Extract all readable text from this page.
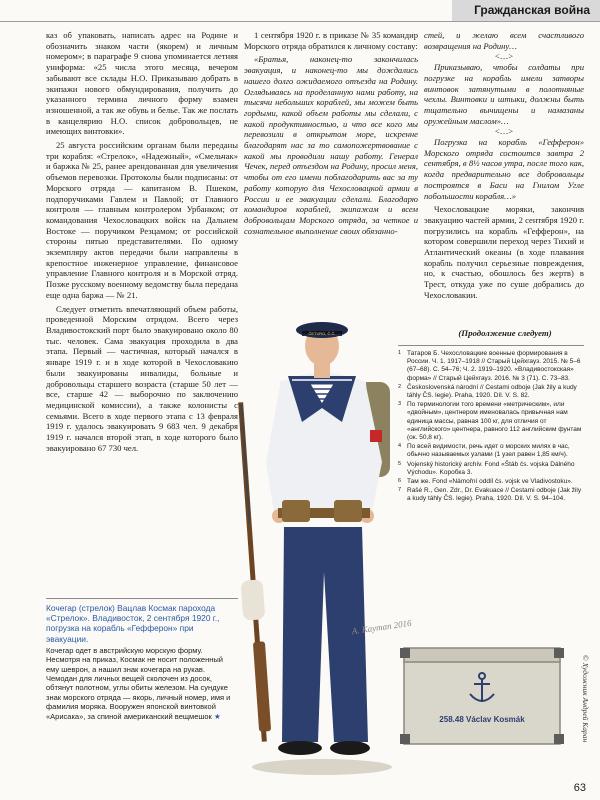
Гражданская война

каз об упаковать, написать адрес на Родине и обозначить знаком части (якорем) и личным номером»; в параграфе 9 снова упоминается летняя униформа: «25 числа этого месяца, вечером забывают все склады Н.О. Приказываю добрать в экипажи нового обмундирования, получить до указанного термина личного форму взамен изношенной, а так же обувь и белье. Так же послать в канцелярию Н.О. список добровольцев, не имеющих винтовки».

25 августа российским органам были переданы три корабля: «Стрелок», «Надежный», «Смельчак» и баржка № 25, ранее арендованная для увеличения объемов перевозки. Протоколы были подписаны: от Морского отряда — капитаном В. Пшеком, подпоручиками Гавлем и Павлой; от Главного контроля — главным контролером Урбанком; от командования Чехословацких войск на Дальнем Востоке — поручиком Резцамом; от российской стороны пятью представителями. По одному экземпляру актов передачи были направлены в крепостное инженерное управление, финансовое управление Главного контроля и в Морской отряд. Позже русскому военному ведомству была передана еще одна баржа — № 21.

Следует отметить впечатляющий объем работы, проведенной Морским отрядом. Всего через Владивостокский порт было эвакуировано около 80 тыс. человек. Сама эвакуация проходила в два этапа. Первый — частичная, который начался в январе 1919 г. и в ходе которой в Чехословакию были эвакуированы инвалиды, больные и добровольцы старшего возраста (старше 50 лет — все, старше 42 — выборочно по заключению медицинской комиссии), а также колонисты с семьями. Всего в ходе первого этапа с 13 февраля 1919 г. удалось эвакуировать 9 683 чел. 9 декабря 1919 г. начался второй этап, в ходе которого было эвакуировано 67 730 чел.

Кочегар (стрелок) Вацлав Космак парохода «Стрелок». Владивосток, 2 сентября 1920 г., погрузка на корабль «Гефферон» при эвакуации.
Кочегар одет в австрийскую морскую форму. Несмотря на приказ, Космак не носит положенный ему шеврон, а нашил знак кочегара на рукав. Чемодан для личных вещей сколочен из досок, обтянут полотном, углы обиты железом. На сундуке знак морского отряда — якорь, личный номер, имя и фамилия моряка. Вооружен японской винтовкой «Арисака», за спиной американский вещмешок ★

1 сентября 1920 г. в приказе № 35 командир Морского отряда обратился к личному составу:

«Братья, наконец-то закончилась эвакуация, и наконец-то мы дождались нашего долго ожидаемого отъезда на Родину. Оглядываясь на проделанную нами работу, на тысячи небольших кораблей, мы можем быть гордыми, какой объем работы мы сделали, с какой продуктивностью, и что все кого мы перевозили в открытом море, искренне благодарят нас за то самопожертвование с какой мы проводили нашу работу. Генерал Чечек, перед отъездом на Родину, просил меня, чтобы от его имени поблагодарить вас за ту работу которую для Чехословацкой армии в России и ее эвакуации сделали. Благодарю командиров кораблей, экипажам и всем добровольцам Морского отряда, за четкое и сознательное выполнение своих обязанно-

стей, и желаю всем счастливого возвращения на Родину…

<…>

Приказываю, чтобы солдаты при погрузке на корабль имели затворы винтовок затянутыми в полотняные чехлы. Винтовки и штыки, должны быть тщательно вычищены и намазаны оружейным маслом»…

<…>

Погрузка на корабль «Гефферон» Морского отряда состоится завтра 2 сентября, в 8½ часов утра, после того как, когда предварительно все добровольцы построятся в Баси на Гнилом Угле побольшости корабля…»

Чехословацкие моряки, закончив эвакуацию частей армии, 2 сентября 1920 г. погрузились на корабль «Гефферон», на котором совершили переход через Тихий и Атлантический океаны (в ходе плавания корабль получил серьезные повреждения, но, к счастью, обошлось без жертв) в Трест, откуда уже по суше добрались до Чехословакии.

(Продолжение следует)
1 Татаров Б. Чехословацкие военные формирования в России. Ч. 1. 1917–1918 // Старый Цейхгауз. 2015. № 5–6 (67–68). С. 54–76; Ч. 2. 1919–1920. «Владивостокская» форма» // Старый Цейхгауз. 2016. № 3 (71). С. 73–83.
2 Československá národní // Cestami odboje (Jak žily a kudy táhly ČS. legie). Praha, 1920. Díl. V. S. 82.
3 По терминологии того времени «метрическим», или «двойным», центнером именовалась привычная нам единица массы, равная 100 кг, для отличия от «английского» центнера, равного 112 английским фунтам (ок. 50,8 кг).
4 По всей видимости, речь идет о морских милях в час, обычно называемых узлами (1 узел равен 1,85 км/ч).
5 Vojenský historický archív. Fond «Štáb čs. vojska Dálného Východu». Koробка 3.
6 Там же. Fond «Námořní oddíl čs. vojsk ve Vladivostoku».
7 Rašé R., Gen. Zdr., Dr. Evakuace // Cestami odboje (Jak žily a kudy táhly ČS. legie). Praha, 1920. Díl. V. S. 94–104.
ČETVRO, Č.Č.
A. Kayman 2016
258.48 Václav Kosmák	© Художник Андрей Каран
63
